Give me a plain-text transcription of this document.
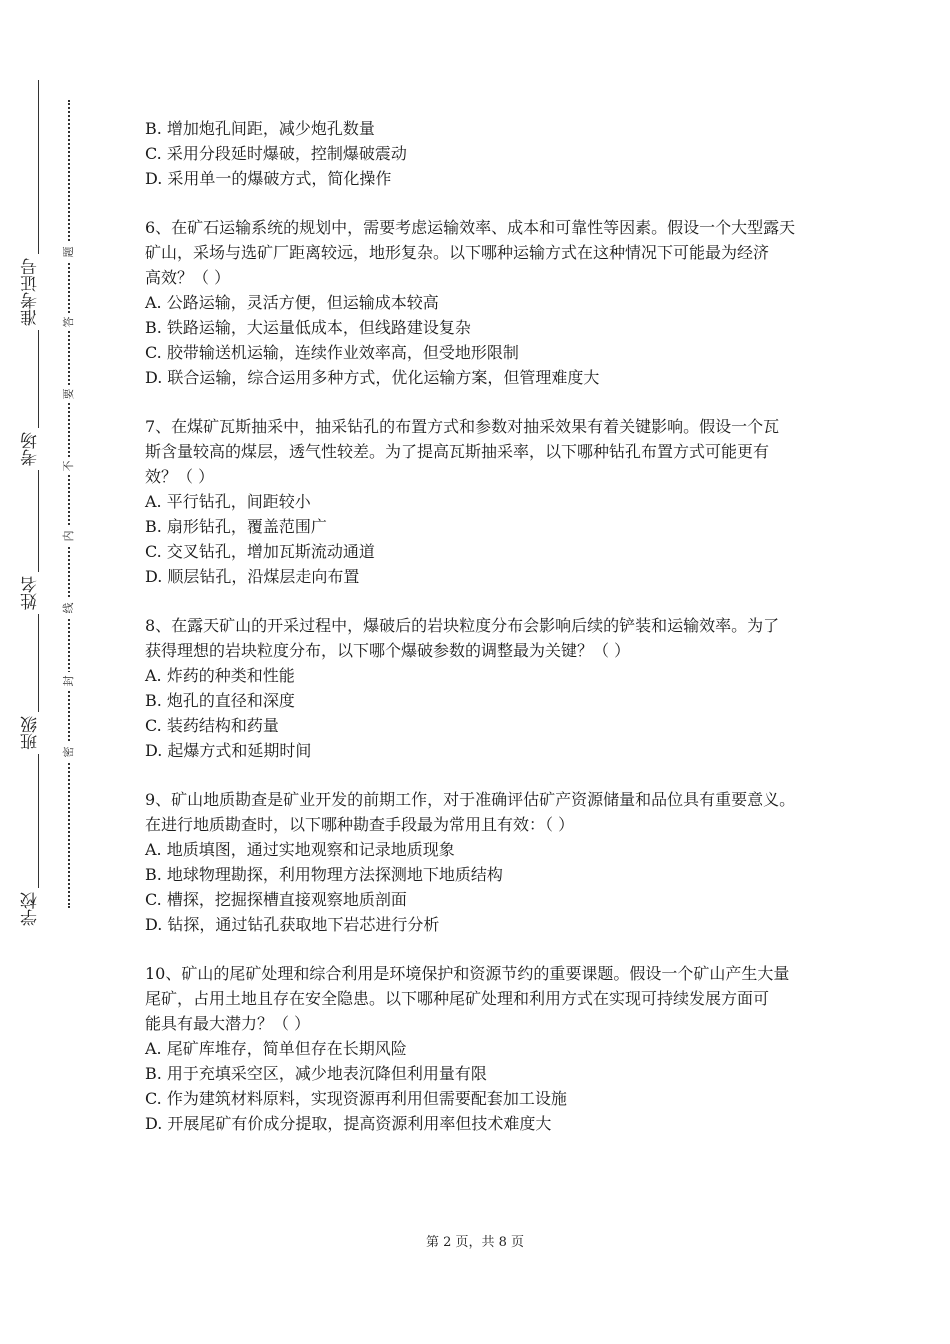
准考证号
考场
姓名
班级
学校
题
答
要
不
内
线
封
密
B. 增加炮孔间距，减少炮孔数量
C. 采用分段延时爆破，控制爆破震动
D. 采用单一的爆破方式，简化操作
6、在矿石运输系统的规划中，需要考虑运输效率、成本和可靠性等因素。假设一个大型露天
矿山，采场与选矿厂距离较远，地形复杂。以下哪种运输方式在这种情况下可能最为经济
高效？（ ）
A. 公路运输，灵活方便，但运输成本较高
B. 铁路运输，大运量低成本，但线路建设复杂
C. 胶带输送机运输，连续作业效率高，但受地形限制
D. 联合运输，综合运用多种方式，优化运输方案，但管理难度大
7、在煤矿瓦斯抽采中，抽采钻孔的布置方式和参数对抽采效果有着关键影响。假设一个瓦
斯含量较高的煤层，透气性较差。为了提高瓦斯抽采率，以下哪种钻孔布置方式可能更有
效？（ ）
A. 平行钻孔，间距较小
B. 扇形钻孔，覆盖范围广
C. 交叉钻孔，增加瓦斯流动通道
D. 顺层钻孔，沿煤层走向布置
8、在露天矿山的开采过程中，爆破后的岩块粒度分布会影响后续的铲装和运输效率。为了
获得理想的岩块粒度分布，以下哪个爆破参数的调整最为关键？（ ）
A. 炸药的种类和性能
B. 炮孔的直径和深度
C. 装药结构和药量
D. 起爆方式和延期时间
9、矿山地质勘查是矿业开发的前期工作，对于准确评估矿产资源储量和品位具有重要意义。
在进行地质勘查时，以下哪种勘查手段最为常用且有效：（ ）
A. 地质填图，通过实地观察和记录地质现象
B. 地球物理勘探，利用物理方法探测地下地质结构
C. 槽探，挖掘探槽直接观察地质剖面
D. 钻探，通过钻孔获取地下岩芯进行分析
10、矿山的尾矿处理和综合利用是环境保护和资源节约的重要课题。假设一个矿山产生大量
尾矿，占用土地且存在安全隐患。以下哪种尾矿处理和利用方式在实现可持续发展方面可
能具有最大潜力？（ ）
A. 尾矿库堆存，简单但存在长期风险
B. 用于充填采空区，减少地表沉降但利用量有限
C. 作为建筑材料原料，实现资源再利用但需要配套加工设施
D. 开展尾矿有价成分提取，提高资源利用率但技术难度大
第 2 页，共 8 页
